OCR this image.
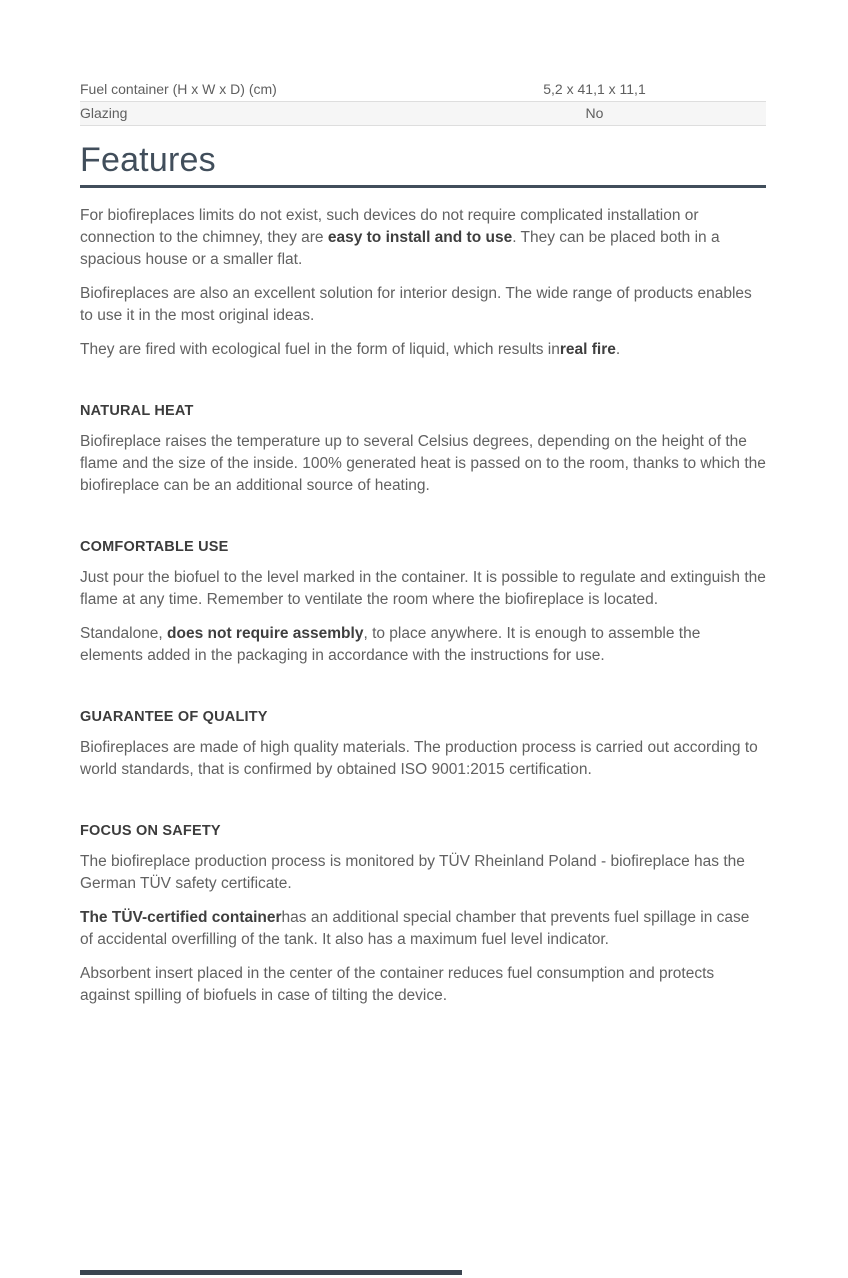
Fuel container (H x W x D) (cm)	5,2 x 41,1 x 11,1
Glazing	No
Features

For biofireplaces limits do not exist, such devices do not require complicated installation or connection to the chimney, they are easy to install and to use. They can be placed both in a spacious house or a smaller flat.

Biofireplaces are also an excellent solution for interior design. The wide range of products enables to use it in the most original ideas.

They are fired with ecological fuel in the form of liquid, which results inreal fire.

NATURAL HEAT

Biofireplace raises the temperature up to several Celsius degrees, depending on the height of the flame and the size of the inside. 100% generated heat is passed on to the room, thanks to which the biofireplace can be an additional source of heating.

COMFORTABLE USE

Just pour the biofuel to the level marked in the container. It is possible to regulate and extinguish the flame at any time. Remember to ventilate the room where the biofireplace is located.

Standalone, does not require assembly, to place anywhere. It is enough to assemble the elements added in the packaging in accordance with the instructions for use.

GUARANTEE OF QUALITY

Biofireplaces are made of high quality materials. The production process is carried out according to world standards, that is confirmed by obtained ISO 9001:2015 certification.

FOCUS ON SAFETY

The biofireplace production process is monitored by TÜV Rheinland Poland - biofireplace has the German TÜV safety certificate.

The TÜV-certified containerhas an additional special chamber that prevents fuel spillage in case of accidental overfilling of the tank. It also has a maximum fuel level indicator.

Absorbent insert placed in the center of the container reduces fuel consumption and protects against spilling of biofuels in case of tilting the device.
